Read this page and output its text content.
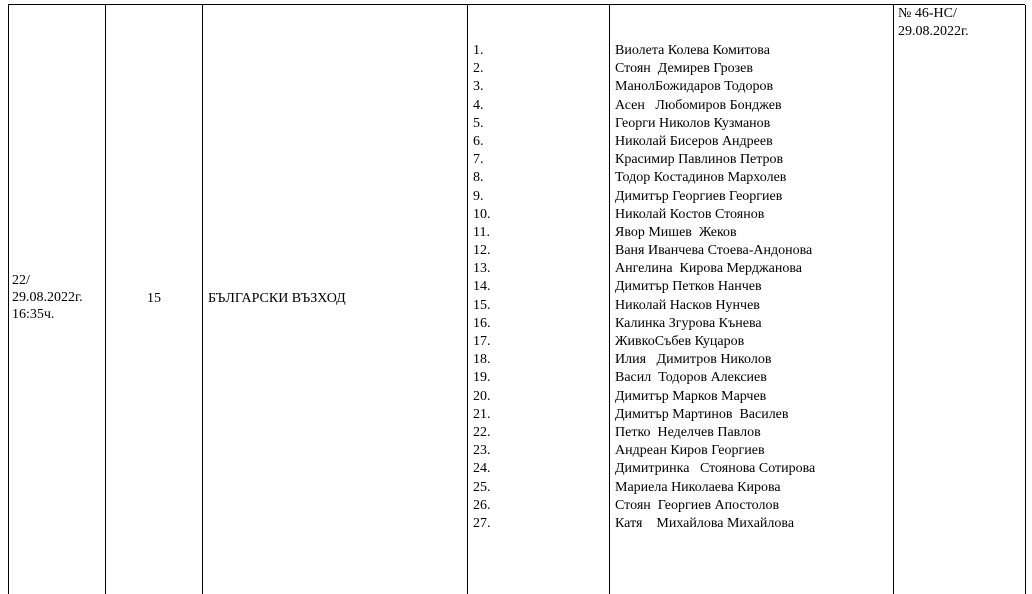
22/
29.08.2022г.
16:35ч.
15	БЪЛГАРСКИ ВЪЗХОД
1.
2.
3.
4.
5.
6.
7.
8.
9.
10.
11.
12.
13.
14.
15.
16.
17.
18.
19.
20.
21.
22.
23.
24.
25.
26.
27.
Виолета Колева Комитова
Стоян  Демирев Грозев
МанолБожидаров Тодоров
Асен   Любомиров Бонджев
Георги Николов Кузманов
Николай Бисеров Андреев
Красимир Павлинов Петров
Тодор Костадинов Мархолев
Димитър Георгиев Георгиев
Николай Костов Стоянов
Явор Мишев  Жеков
Ваня Иванчева Стоева-Андонова
Ангелина  Кирова Мерджанова
Димитър Петков Нанчев
Николай Насков Нунчев
Калинка Згурова Кънева
ЖивкоСъбев Куцаров
Илия   Димитров Николов
Васил  Тодоров Алексиев
Димитър Марков Марчев
Димитър Мартинов  Василев
Петко  Неделчев Павлов
Андреан Киров Георгиев
Димитринка   Стоянова Сотирова
Мариела Николаева Кирова
Стоян  Георгиев Апостолов
Катя    Михайлова Михайлова
№ 46-НС/
29.08.2022г.
